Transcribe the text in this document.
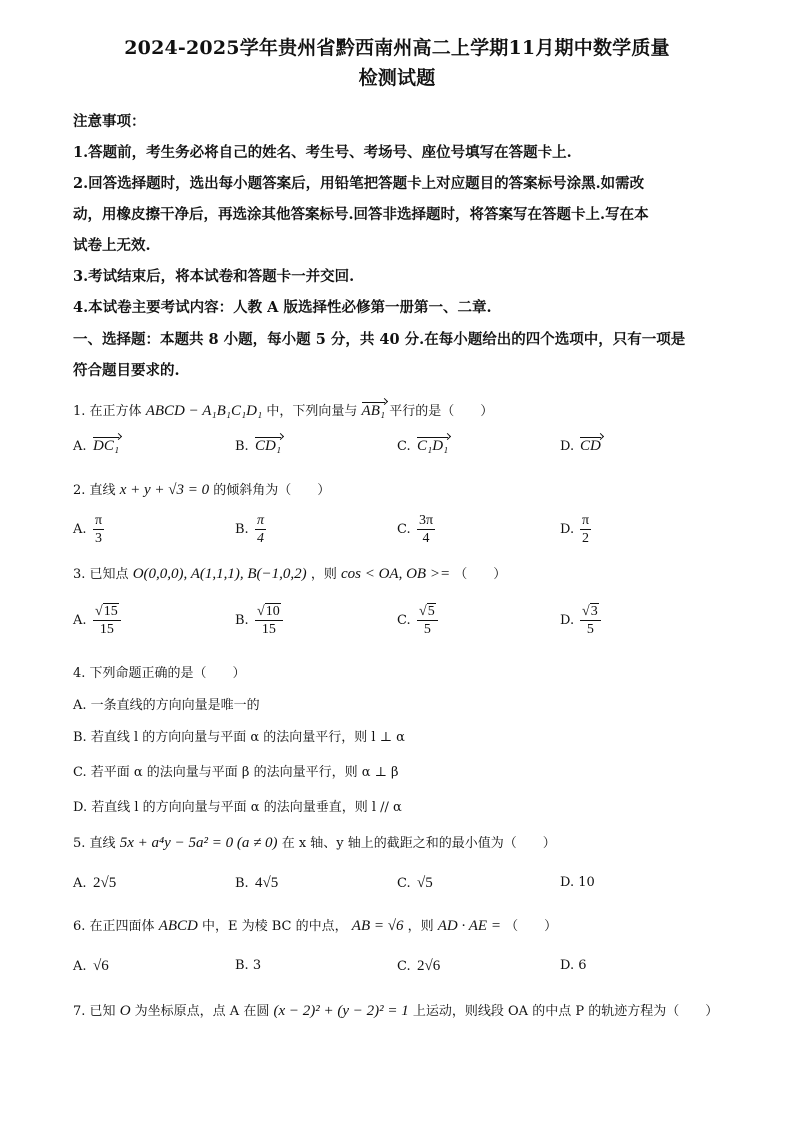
2024-2025学年贵州省黔西南州高二上学期11月期中数学质量
检测试题
注意事项：
1.答题前，考生务必将自己的姓名、考生号、考场号、座位号填写在答题卡上.
2.回答选择题时，选出每小题答案后，用铅笔把答题卡上对应题目的答案标号涂黑.如需改
动，用橡皮擦干净后，再选涂其他答案标号.回答非选择题时，将答案写在答题卡上.写在本
试卷上无效.
3.考试结束后，将本试卷和答题卡一并交回.
4.本试卷主要考试内容：人教 A 版选择性必修第一册第一、二章.
一、选择题：本题共 8 小题，每小题 5 分，共 40 分.在每小题给出的四个选项中，只有一项是
符合题目要求的.
1. 在正方体 ABCD − A₁B₁C₁D₁ 中，下列向量与 AB₁ 平行的是（　　）
A. DC₁	B. CD₁	C. C₁D₁	D. CD
2. 直线 x + y + √3 = 0 的倾斜角为（　　）
A. $\frac{\pi}{3}$	B. $\frac{\pi}{4}$	C. $\frac{3\pi}{4}$	D. $\frac{\pi}{2}$
3. 已知点 O(0,0,0), A(1,1,1), B(−1,0,2) ，则 cos < OA, OB >= （　　）
A. $\frac{√15}{15}$	B. $\frac{√10}{15}$	C. $\frac{√5}{5}$	D. $\frac{√3}{5}$
4. 下列命题正确的是（　　）
A. 一条直线的方向向量是唯一的
B. 若直线 l 的方向向量与平面 α 的法向量平行，则 l ⊥ α
C. 若平面 α 的法向量与平面 β 的法向量平行，则 α ⊥ β
D. 若直线 l 的方向向量与平面 α 的法向量垂直，则 l // α
5. 直线 5x + a⁴y − 5a² = 0 (a ≠ 0) 在 x 轴、y 轴上的截距之和的最小值为（　　）
A. 2√5	B. 4√5	C. √5	D. 10
6. 在正四面体 ABCD 中，E 为棱 BC 的中点， AB = √6 ，则 AD · AE = （　　）
A. √6	B. 3	C. 2√6	D. 6
7. 已知 O 为坐标原点，点 A 在圆 (x − 2)² + (y − 2)² = 1 上运动，则线段 OA 的中点 P 的轨迹方程为（　　）
